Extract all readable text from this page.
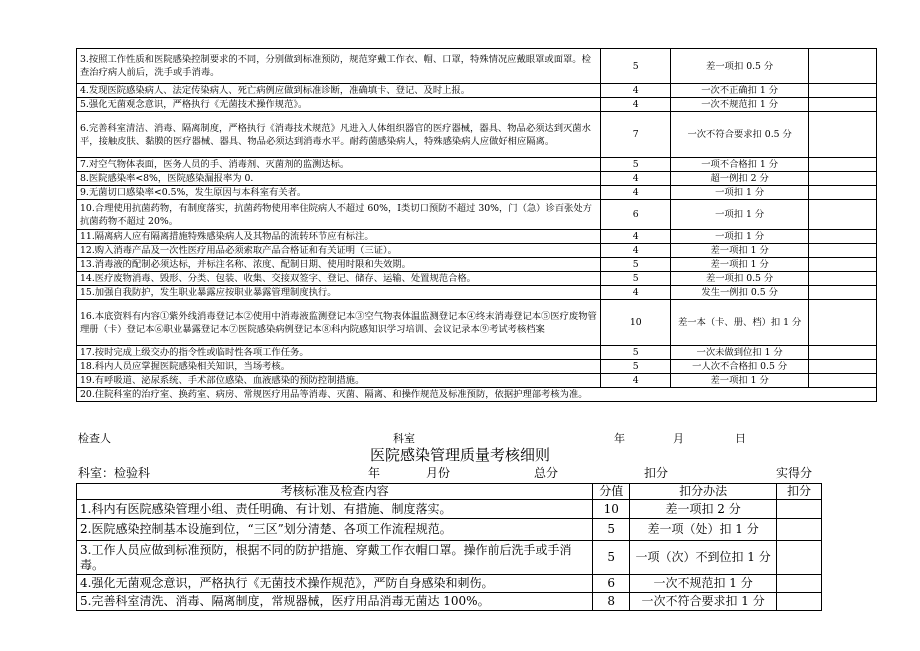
3.按照工作性质和医院感染控制要求的不同，分别做到标准预防，规范穿戴工作衣、帽、口罩，特殊情况应戴眼罩或面罩。检查治疗病人前后，洗手或手消毒。	5	差一项扣 0.5 分	
4.发现医院感染病人、法定传染病人、死亡病例应做到标准诊断，准确填卡、登记、及时上报。	4	一次不正确扣 1 分	
5.强化无菌观念意识，严格执行《无菌技术操作规范》。	4	一次不规范扣 1 分	
6.完善科室清洁、消毒、隔离制度，严格执行《消毒技术规范》凡进入人体组织器官的医疗器械，器具、物品必须达到灭菌水平，接触皮肤、黏膜的医疗器械、器具、物品必须达到消毒水平。耐药菌感染病人，特殊感染病人应做好相应隔离。	7	一次不符合要求扣 0.5 分	
7.对空气物体表面，医务人员的手、消毒剂、灭菌剂的监测达标。	5	一项不合格扣 1 分	
8.医院感染率<8%，医院感染漏报率为 0.	4	超一例扣 2 分	
9.无菌切口感染率<0.5%，发生原因与本科室有关者。	4	一项扣 1 分	
10.合理使用抗菌药物，有制度落实，抗菌药物使用率住院病人不超过 60%，Ⅰ类切口预防不超过 30%，门（急）诊百张处方抗菌药物不超过 20%。	6	一项扣 1 分	
11.隔离病人应有隔离措施特殊感染病人及其物品的流转环节应有标注。	4	一项扣 1 分	
12.购入消毒产品及一次性医疗用品必须索取产品合格证和有关证明（三证）。	4	差一项扣 1 分	
13.消毒液的配制必须达标，并标注名称、浓度、配制日期、使用时限和失效期。	5	差一项扣 1 分	
14.医疗废物消毒、毁形、分类、包装、收集、交接双签字、登记、储存、运输、处置规范合格。	5	差一项扣 0.5 分	
15.加强自我防护，发生职业暴露应按职业暴露管理制度执行。	4	发生一例扣 0.5 分	
16.本底资料有内容①紫外线消毒登记本②使用中消毒液监测登记本③空气物表体温监测登记本④终末消毒登记本⑤医疗废物管理册（卡）登记本⑥职业暴露登记本⑦医院感染病例登记本⑧科内院感知识学习培训、会议记录本⑨考试考核档案	10	差一本（卡、册、档）扣 1 分	
17.按时完成上级交办的指令性或临时性各项工作任务。	5	一次未做到位扣 1 分	
18.科内人员应掌握医院感染相关知识，当场考核。	5	一人次不合格扣 0.5 分	
19.有呼吸道、泌尿系统、手术部位感染、血液感染的预防控制措施。	4	差一项扣 1 分	
20.住院科室的治疗室、换药室、病房、常规医疗用品等消毒、灭菌、隔离、和操作规范及标准预防，依据护理部考核为准。			
检查人	科室	年	月	日
医院感染管理质量考核细则
科室：检验科	年	月份	总分	扣分	实得分
考核标准及检查内容	分值	扣分办法	扣分
1.科内有医院感染管理小组、责任明确、有计划、有措施、制度落实。	10	差一项扣 2 分	
2.医院感染控制基本设施到位，“三区”划分清楚、各项工作流程规范。	5	差一项（处）扣 1 分	
3.工作人员应做到标准预防，根据不同的防护措施、穿戴工作衣帽口罩。操作前后洗手或手消毒。	5	一项（次）不到位扣 1 分	
4.强化无菌观念意识，严格执行《无菌技术操作规范》，严防自身感染和刺伤。	6	一次不规范扣 1 分	
5.完善科室清洗、消毒、隔离制度，常规器械，医疗用品消毒无菌达 100%。	8	一次不符合要求扣 1 分	
